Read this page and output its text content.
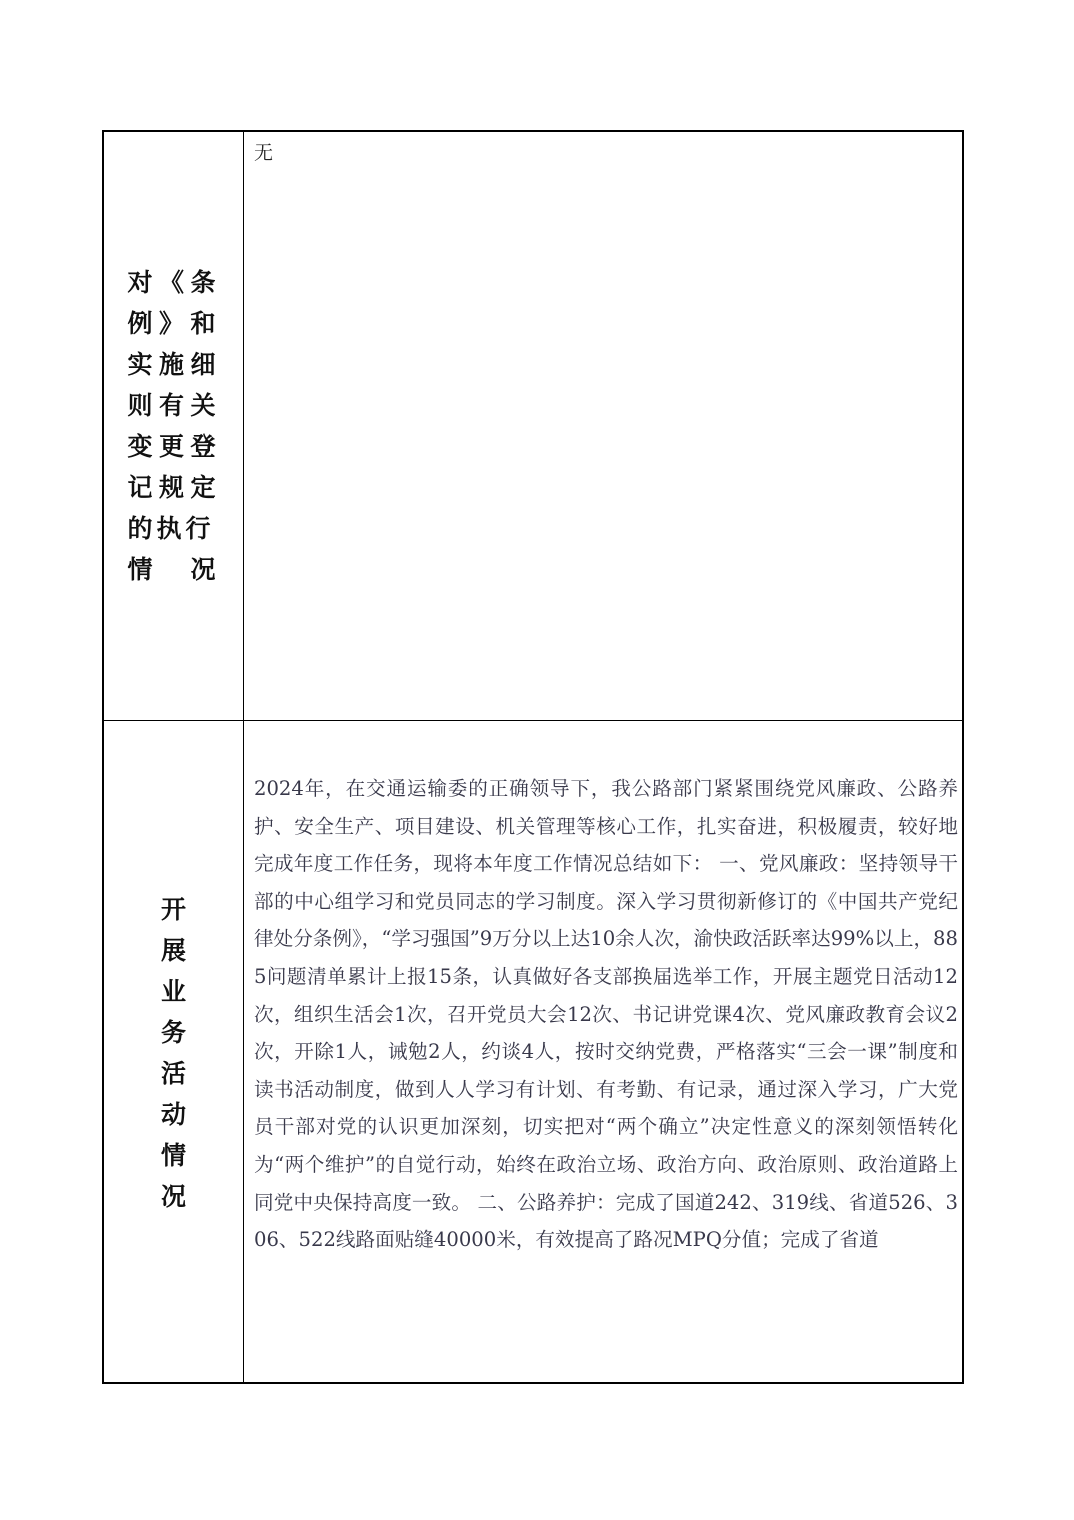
对《条例》和实施细则有关变更登记规定的执行
情 况
无
开展业务活动情况
2024年，在交通运输委的正确领导下，我公路部门紧紧围绕党风廉政、公路养护、安全生产、项目建设、机关管理等核心工作，扎实奋进，积极履责，较好地完成年度工作任务，现将本年度工作情况总结如下： 一、党风廉政：坚持领导干部的中心组学习和党员同志的学习制度。深入学习贯彻新修订的《中国共产党纪律处分条例》，“学习强国”9万分以上达10余人次，渝快政活跃率达99%以上，885问题清单累计上报15条，认真做好各支部换届选举工作，开展主题党日活动12次，组织生活会1次，召开党员大会12次、书记讲党课4次、党风廉政教育会议2次，开除1人，诫勉2人，约谈4人，按时交纳党费，严格落实“三会一课”制度和读书活动制度，做到人人学习有计划、有考勤、有记录，通过深入学习，广大党员干部对党的认识更加深刻，切实把对“两个确立”决定性意义的深刻领悟转化为“两个维护”的自觉行动，始终在政治立场、政治方向、政治原则、政治道路上同党中央保持高度一致。 二、公路养护：完成了国道242、319线、省道526、306、522线路面贴缝40000米，有效提高了路况MPQ分值；完成了省道
